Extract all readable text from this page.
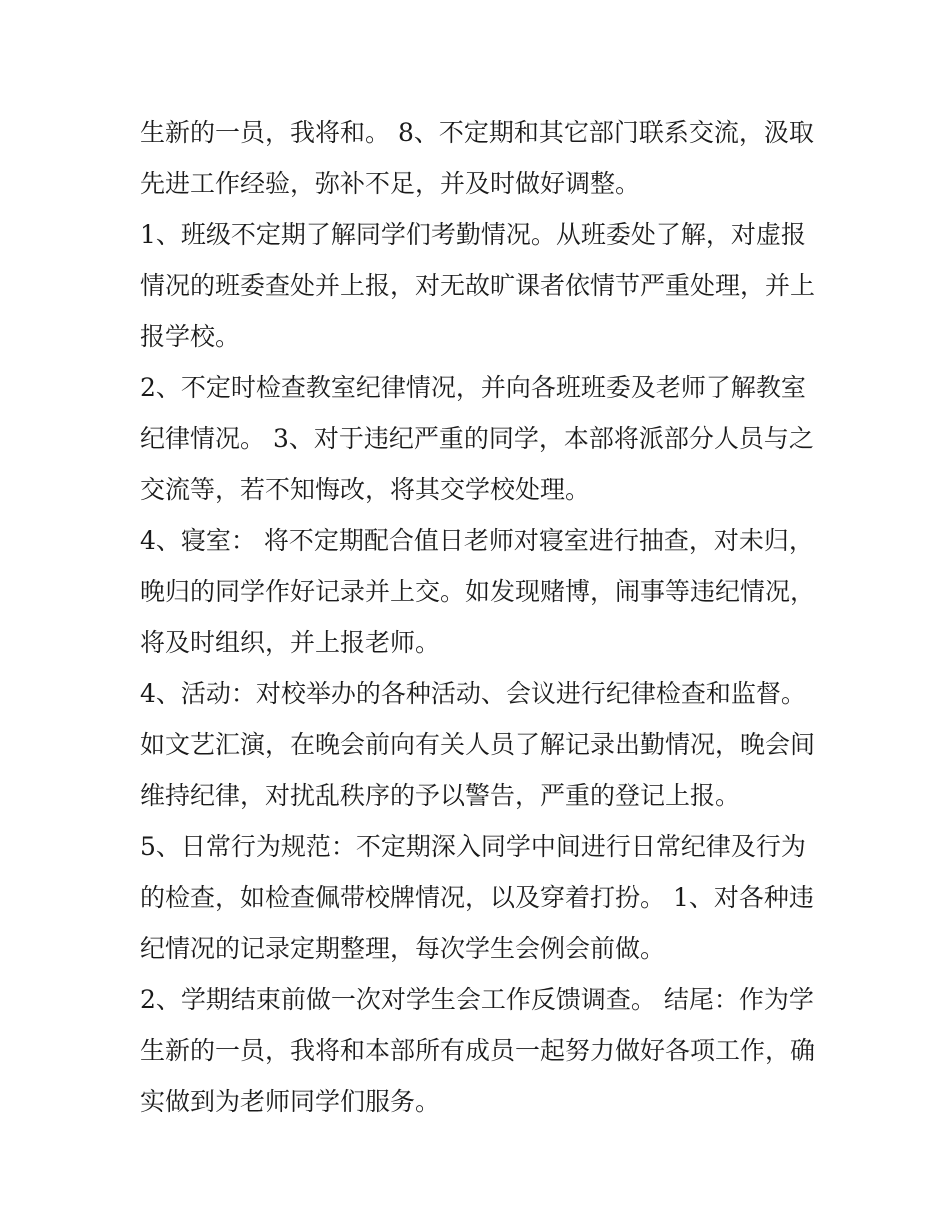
生新的一员，我将和。 8、不定期和其它部门联系交流，汲取
先进工作经验，弥补不足，并及时做好调整。

1、班级不定期了解同学们考勤情况。从班委处了解，对虚报
情况的班委查处并上报，对无故旷课者依情节严重处理，并上
报学校。

2、不定时检查教室纪律情况，并向各班班委及老师了解教室
纪律情况。 3、对于违纪严重的同学，本部将派部分人员与之
交流等，若不知悔改，将其交学校处理。

4、寝室： 将不定期配合值日老师对寝室进行抽查，对未归，
晚归的同学作好记录并上交。如发现赌博，闹事等违纪情况，
将及时组织，并上报老师。

4、活动：对校举办的各种活动、会议进行纪律检查和监督。
如文艺汇演，在晚会前向有关人员了解记录出勤情况，晚会间
维持纪律，对扰乱秩序的予以警告，严重的登记上报。

5、日常行为规范：不定期深入同学中间进行日常纪律及行为
的检查，如检查佩带校牌情况，以及穿着打扮。 1、对各种违
纪情况的记录定期整理，每次学生会例会前做。

2、学期结束前做一次对学生会工作反馈调查。 结尾：作为学
生新的一员，我将和本部所有成员一起努力做好各项工作，确
实做到为老师同学们服务。
